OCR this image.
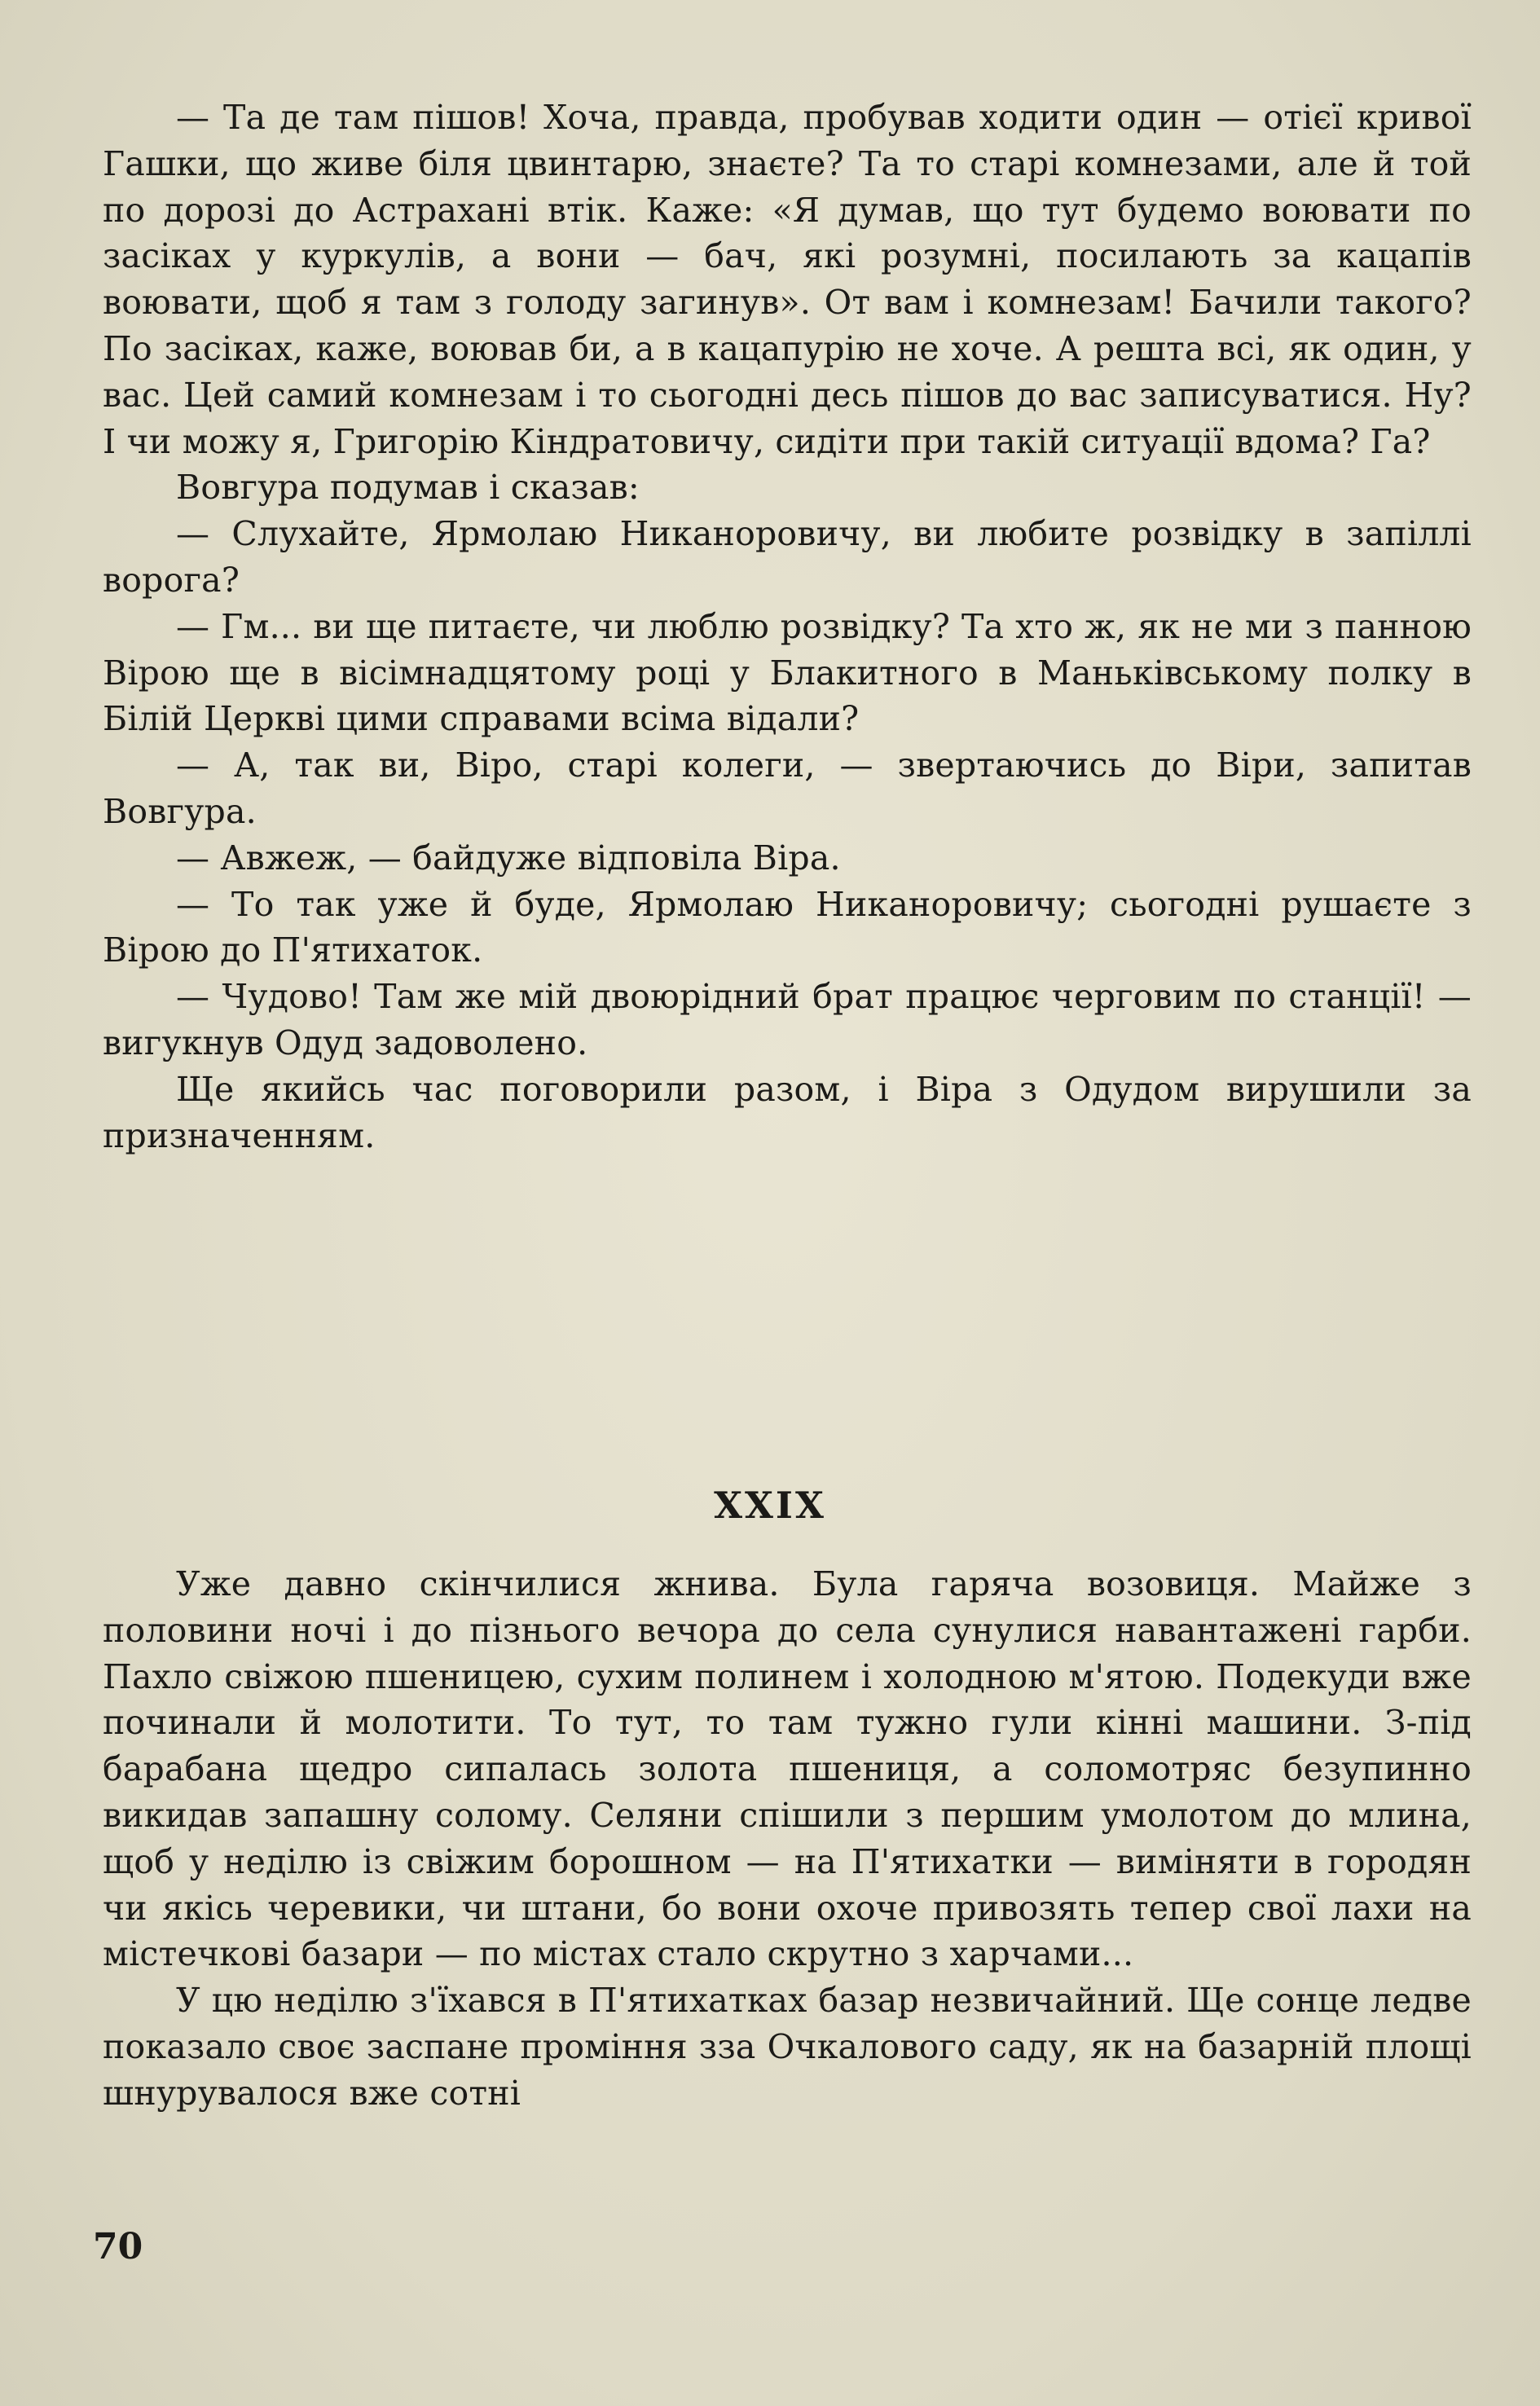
— Та де там пішов! Хоча, правда, пробував ходити один — отієї кривої Гашки, що живе біля цвинтарю, знаєте? Та то старі комнезами, але й той по дорозі до Астрахані втік. Каже: «Я думав, що тут будемо воювати по засіках у куркулів, а вони — бач, які розумні, посилають за кацапів воювати, щоб я там з голоду загинув». От вам і комнезам! Бачили такого? По засіках, каже, воював би, а в кацапурію не хоче. А решта всі, як один, у вас. Цей самий комнезам і то сьогодні десь пішов до вас записуватися. Ну? І чи можу я, Григорію Кіндратовичу, сидіти при такій ситуації вдома? Га?

Вовгура подумав і сказав:

— Слухайте, Ярмолаю Никаноровичу, ви любите розвідку в запіллі ворога?

— Гм... ви ще питаєте, чи люблю розвідку? Та хто ж, як не ми з панною Вірою ще в вісімнадцятому році у Блакитного в Маньківському полку в Білій Церкві цими справами всіма відали?

— А, так ви, Віро, старі колеги, — звертаючись до Віри, запитав Вовгура.

— Авжеж, — байдуже відповіла Віра.

— То так уже й буде, Ярмолаю Никаноровичу; сьогодні рушаєте з Вірою до П'ятихаток.

— Чудово! Там же мій двоюрідний брат працює черговим по станції! — вигукнув Одуд задоволено.

Ще якийсь час поговорили разом, і Віра з Одудом вирушили за призначенням.

XXIX

Уже давно скінчилися жнива. Була гаряча возовиця. Майже з половини ночі і до пізнього вечора до села сунулися навантажені гарби. Пахло свіжою пшеницею, сухим полинем і холодною м'ятою. Подекуди вже починали й молотити. То тут, то там тужно гули кінні машини. З-під барабана щедро сипалась золота пшениця, а соломотряс безупинно викидав запашну солому. Селяни спішили з першим умолотом до млина, щоб у неділю із свіжим борошном — на П'ятихатки — виміняти в городян чи якісь черевики, чи штани, бо вони охоче привозять тепер свої лахи на містечкові базари — по містах стало скрутно з харчами...

У цю неділю з'їхався в П'ятихатках базар незвичайний. Ще сонце ледве показало своє заспане проміння зза Очкалового саду, як на базарній площі шнурувалося вже сотні

70
